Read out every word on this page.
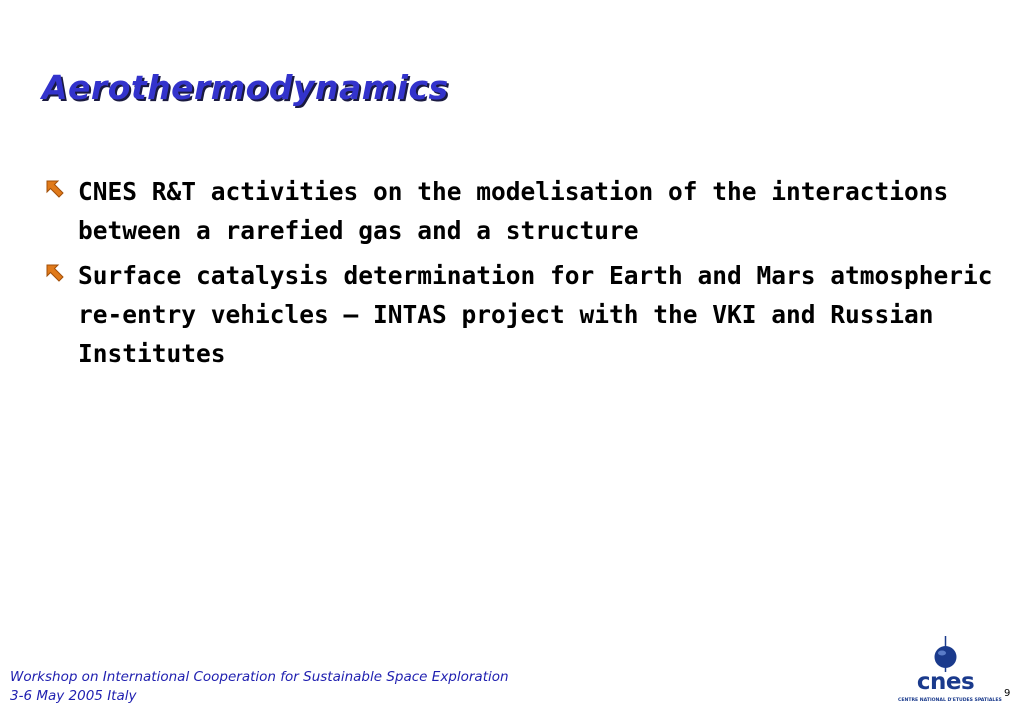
Aerothermodynamics
CNES R&T activities on the modelisation of the interactions between a rarefied gas and a structure
Surface catalysis determination for Earth and Mars atmospheric re-entry vehicles – INTAS project with the VKI and Russian Institutes
Workshop on International Cooperation for Sustainable Space Exploration
3-6 May 2005 Italy
cnes
CENTRE NATIONAL D'ETUDES SPATIALES
9
